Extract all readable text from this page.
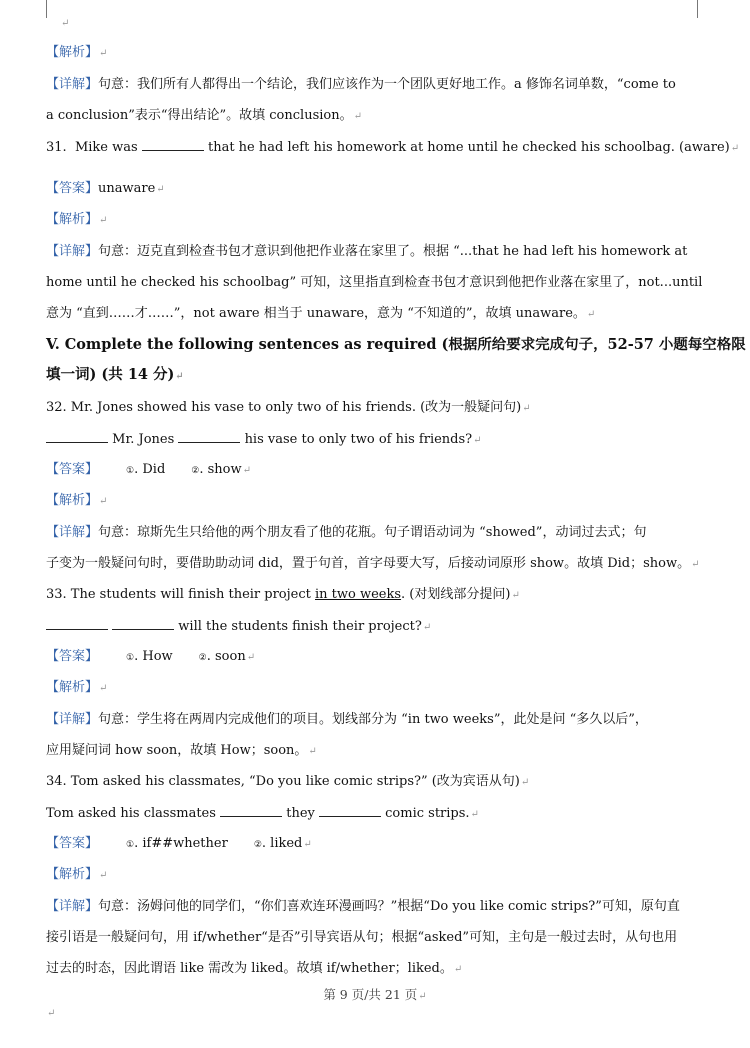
↵
【解析】↵
【详解】句意：我们所有人都得出一个结论，我们应该作为一个团队更好地工作。a 修饰名词单数，“come to
a conclusion”表示“得出结论”。故填 conclusion。↵
31. Mike was	that he had left his homework at home until he checked his schoolbag. (aware)↵
【答案】unaware↵
【解析】↵
【详解】句意：迈克直到检查书包才意识到他把作业落在家里了。根据 “...that he had left his homework at
home until he checked his schoolbag” 可知，这里指直到检查书包才意识到他把作业落在家里了，not...until
意为 “直到……才……”，not aware 相当于 unaware，意为 “不知道的”，故填 unaware。↵
V. Complete the following sentences as required (根据所给要求完成句子，52-57 小题每空格限
填一词) (共 14 分)↵
32. Mr. Jones showed his vase to only two of his friends. (改为一般疑问句)↵
Mr. Jones	his vase to only two of his friends?↵
【答案】	①. Did	②. show↵
【解析】↵
【详解】句意：琼斯先生只给他的两个朋友看了他的花瓶。句子谓语动词为 “showed”，动词过去式；句
子变为一般疑问句时，要借助助动词 did，置于句首，首字母要大写，后接动词原形 show。故填 Did；show。↵
33. The students will finish their project in two weeks. (对划线部分提问)↵
will the students finish their project?↵
【答案】	①. How	②. soon↵
【解析】↵
【详解】句意：学生将在两周内完成他们的项目。划线部分为 “in two weeks”，此处是问 “多久以后”，
应用疑问词 how soon，故填 How；soon。↵
34. Tom asked his classmates, “Do you like comic strips?” (改为宾语从句)↵
Tom asked his classmates	they	comic strips.↵
【答案】	①. if##whether	②. liked↵
【解析】↵
【详解】句意：汤姆问他的同学们，“你们喜欢连环漫画吗？”根据“Do you like comic strips?”可知，原句直
接引语是一般疑问句，用 if/whether“是否”引导宾语从句；根据“asked”可知，主句是一般过去时，从句也用
过去的时态，因此谓语 like 需改为 liked。故填 if/whether；liked。↵
第 9 页/共 21 页↵
↵
